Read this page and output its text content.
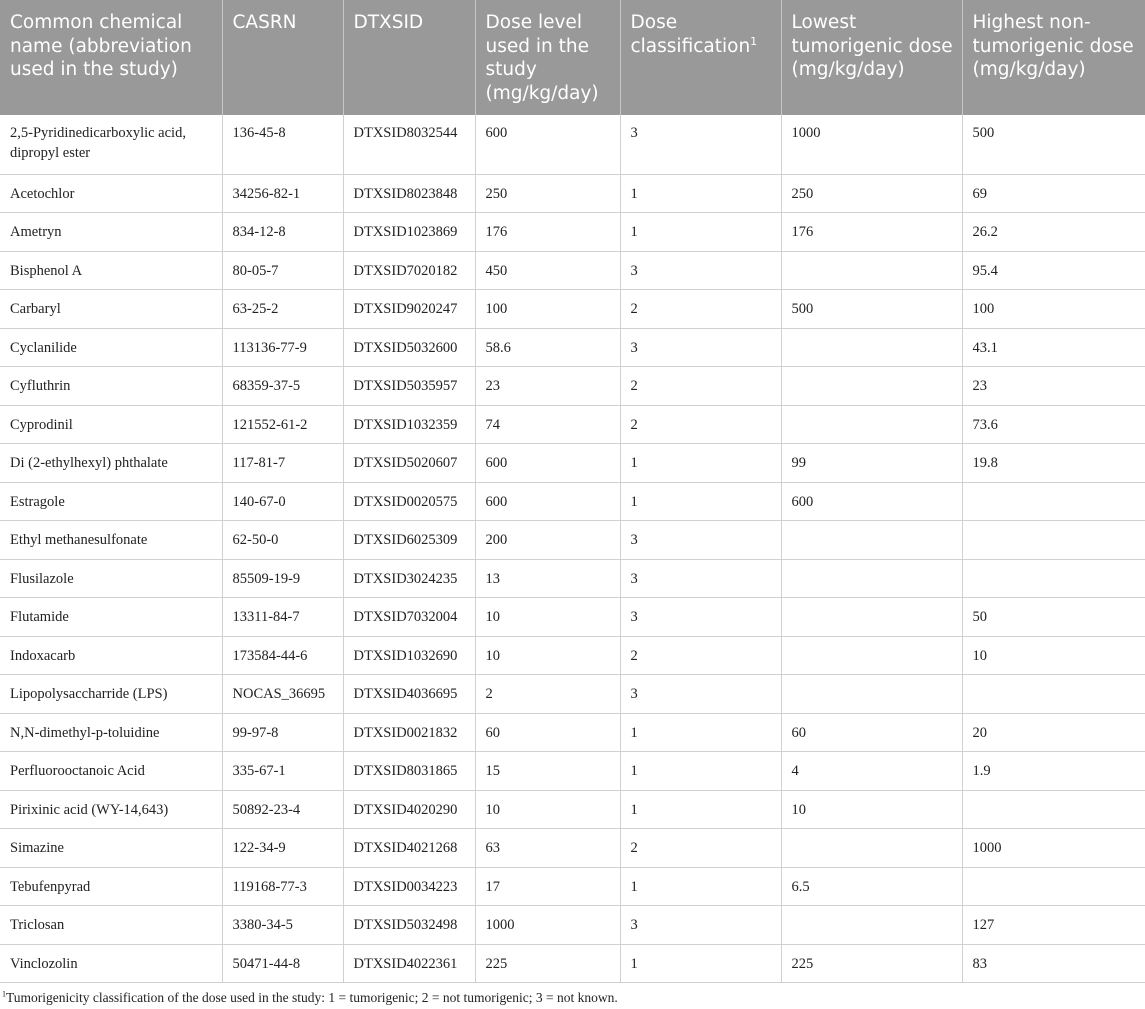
Common chemical name (abbreviation used in the study)	CASRN	DTXSID	Dose level used in the study (mg/kg/day)	Dose classification$^1$	Lowest tumorigenic dose (mg/kg/day)	Highest non-tumorigenic dose (mg/kg/day)
2,5-Pyridinedicarboxylic acid, dipropyl ester	136-45-8	DTXSID8032544	600	3	1000	500
Acetochlor	34256-82-1	DTXSID8023848	250	1	250	69
Ametryn	834-12-8	DTXSID1023869	176	1	176	26.2
Bisphenol A	80-05-7	DTXSID7020182	450	3		95.4
Carbaryl	63-25-2	DTXSID9020247	100	2	500	100
Cyclanilide	113136-77-9	DTXSID5032600	58.6	3		43.1
Cyfluthrin	68359-37-5	DTXSID5035957	23	2		23
Cyprodinil	121552-61-2	DTXSID1032359	74	2		73.6
Di (2-ethylhexyl) phthalate	117-81-7	DTXSID5020607	600	1	99	19.8
Estragole	140-67-0	DTXSID0020575	600	1	600	
Ethyl methanesulfonate	62-50-0	DTXSID6025309	200	3		
Flusilazole	85509-19-9	DTXSID3024235	13	3		
Flutamide	13311-84-7	DTXSID7032004	10	3		50
Indoxacarb	173584-44-6	DTXSID1032690	10	2		10
Lipopolysaccharride (LPS)	NOCAS_36695	DTXSID4036695	2	3		
N,N-dimethyl-p-toluidine	99-97-8	DTXSID0021832	60	1	60	20
Perfluorooctanoic Acid	335-67-1	DTXSID8031865	15	1	4	1.9
Pirixinic acid (WY-14,643)	50892-23-4	DTXSID4020290	10	1	10	
Simazine	122-34-9	DTXSID4021268	63	2		1000
Tebufenpyrad	119168-77-3	DTXSID0034223	17	1	6.5	
Triclosan	3380-34-5	DTXSID5032498	1000	3		127
Vinclozolin	50471-44-8	DTXSID4022361	225	1	225	83
$^1$Tumorigenicity classification of the dose used in the study: 1 = tumorigenic; 2 = not tumorigenic; 3 = not known.
